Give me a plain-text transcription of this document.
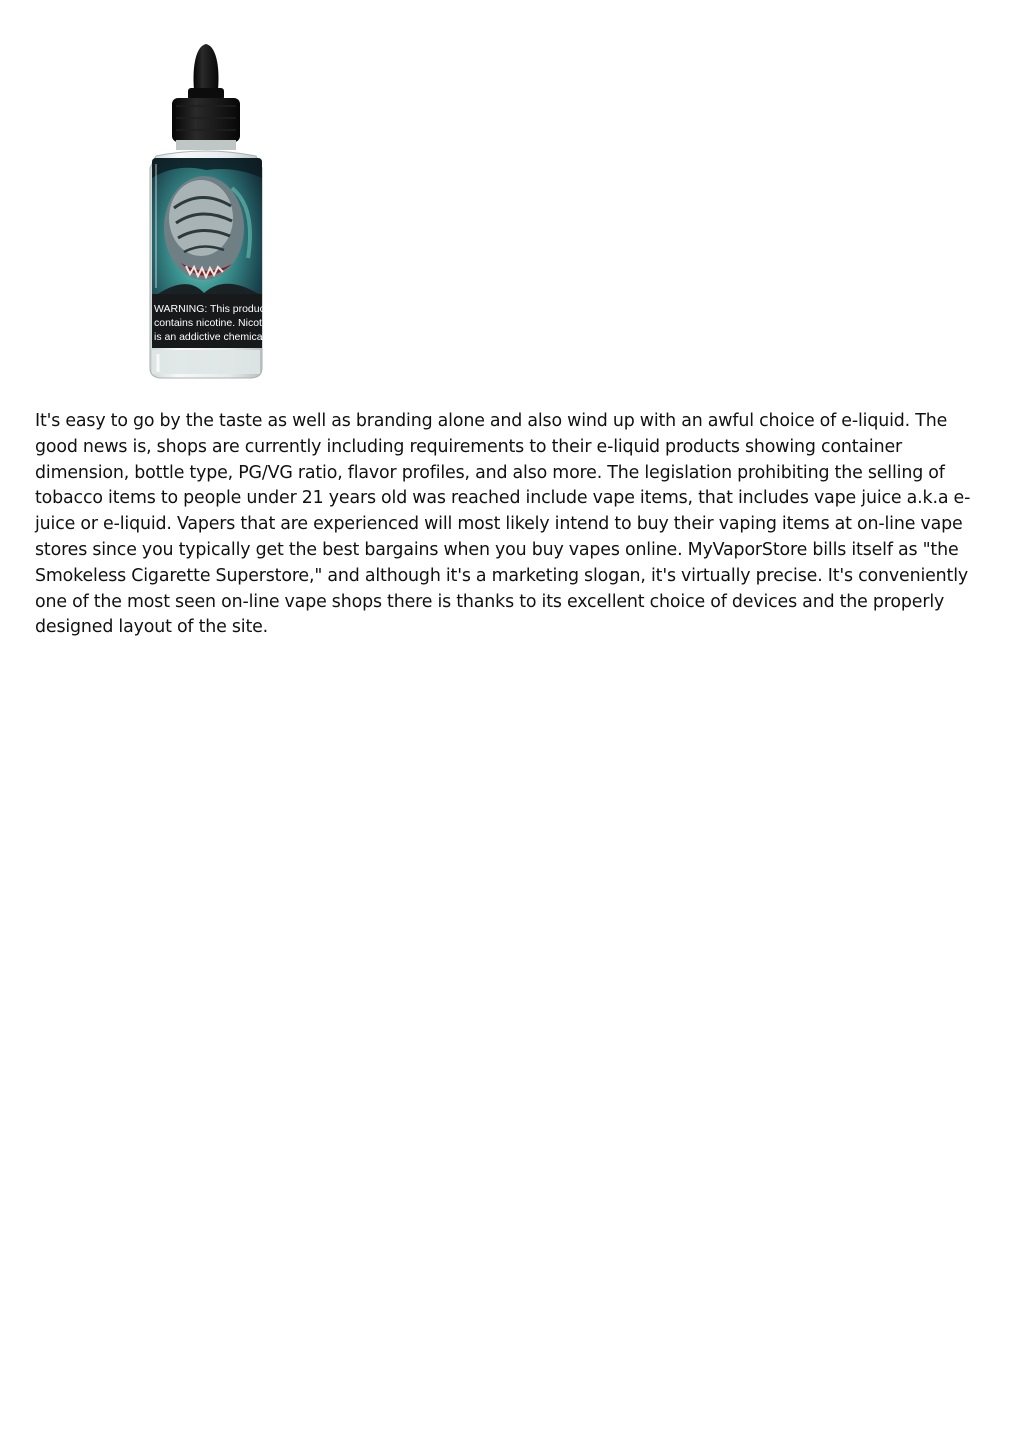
WARNING: This product
contains nicotine. Nicotine
is an addictive chemical.

It's easy to go by the taste as well as branding alone and also wind up with an awful choice of e-liquid. The good news is, shops are currently including requirements to their e-liquid products showing container dimension, bottle type, PG/VG ratio, flavor profiles, and also more. The legislation prohibiting the selling of tobacco items to people under 21 years old was reached include vape items, that includes vape juice a.k.a e-juice or e-liquid. Vapers that are experienced will most likely intend to buy their vaping items at on-line vape stores since you typically get the best bargains when you buy vapes online. MyVaporStore bills itself as "the Smokeless Cigarette Superstore," and although it's a marketing slogan, it's virtually precise. It's conveniently one of the most seen on-line vape shops there is thanks to its excellent choice of devices and the properly designed layout of the site.
